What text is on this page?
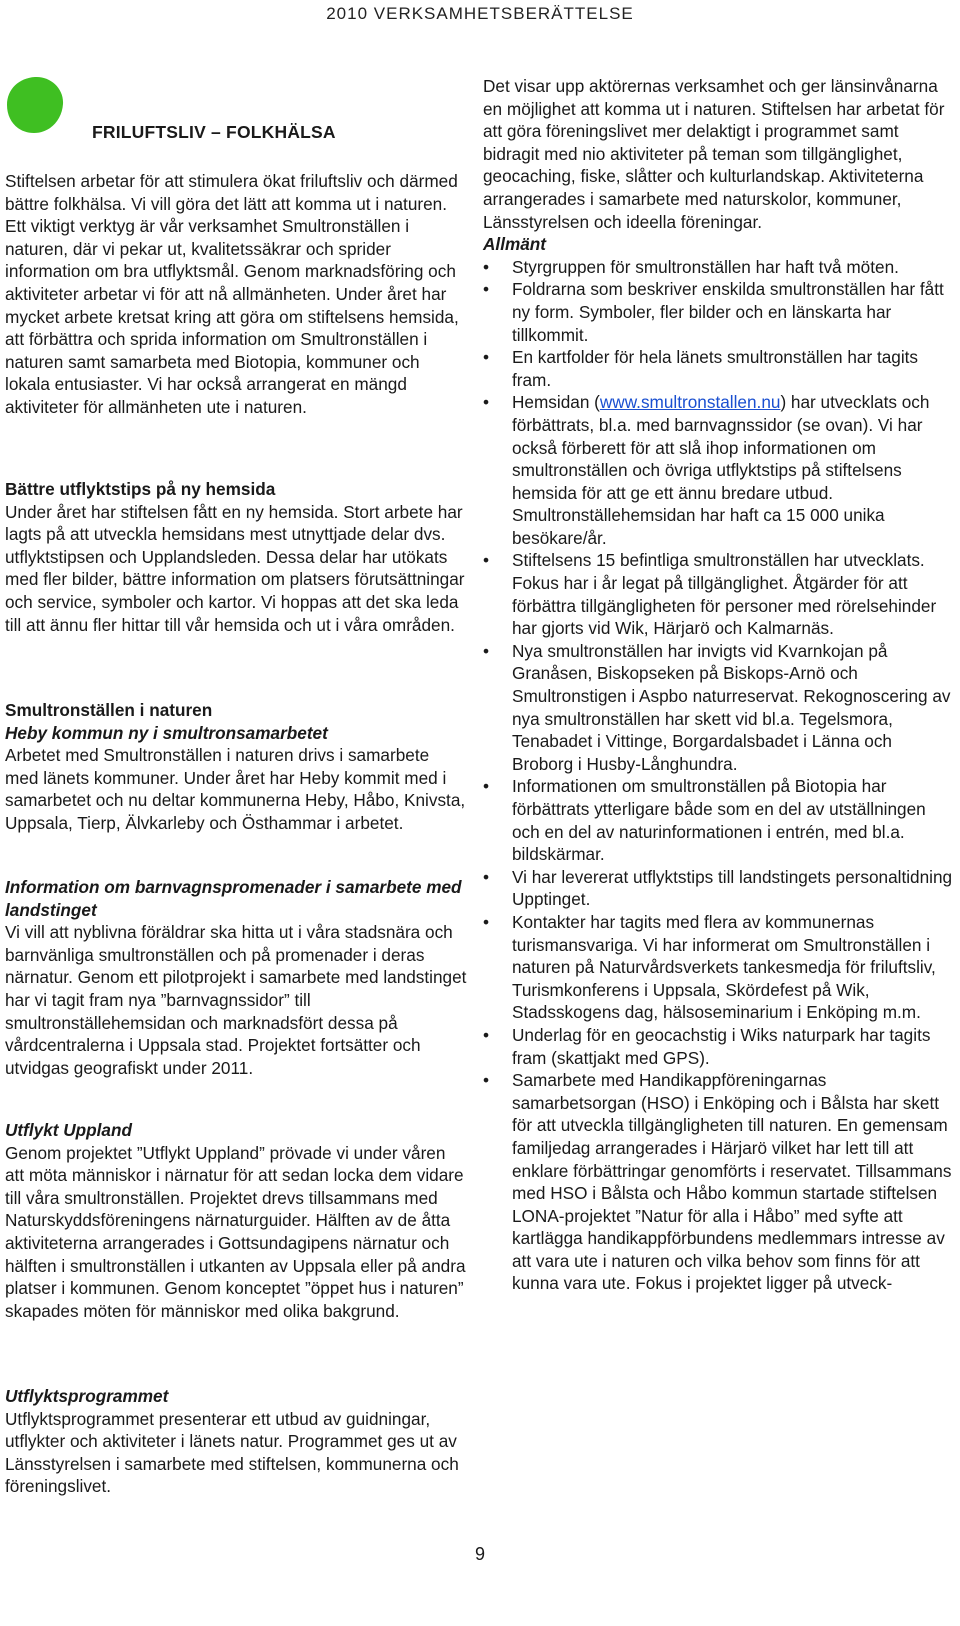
2010 VERKSAMHETSBERÄTTELSE
FRILUFTSLIV – FOLKHÄLSA

Stiftelsen arbetar för att stimulera ökat friluftsliv och därmed bättre folkhälsa. Vi vill göra det lätt att komma ut i naturen. Ett viktigt verktyg är vår verksamhet Smultronställen i naturen, där vi pekar ut, kvalitetssäkrar och sprider information om bra utflyktsmål. Genom marknadsföring och aktiviteter arbetar vi för att nå allmänheten. Under året har mycket arbete kretsat kring att göra om stiftelsens hemsida, att förbättra och sprida information om Smultronställen i naturen samt samarbeta med Biotopia, kommuner och lokala entusiaster. Vi har också arrangerat en mängd aktiviteter för allmänheten ute i naturen.

Bättre utflyktstips på ny hemsida

Under året har stiftelsen fått en ny hemsida. Stort arbete har lagts på att utveckla hemsidans mest utnyttjade delar dvs. utflyktstipsen och Upplandsleden. Dessa delar har utökats med fler bilder, bättre information om platsers förutsättningar och service, symboler och kartor. Vi hoppas att det ska leda till att ännu fler hittar till vår hemsida och ut i våra områden.

Smultronställen i naturen

Heby kommun ny i smultronsamarbetet

Arbetet med Smultronställen i naturen drivs i samarbete med länets kommuner. Under året har Heby kommit med i samarbetet och nu deltar kommunerna Heby, Håbo, Knivsta, Uppsala, Tierp, Älvkarleby och Östhammar i arbetet.

Information om barnvagnspromenader i samarbete med landstinget

Vi vill att nyblivna föräldrar ska hitta ut i våra stadsnära och barnvänliga smultronställen och på promenader i deras närnatur. Genom ett pilotprojekt i samarbete med landstinget har vi tagit fram nya ”barnvagnssidor” till smultronställehemsidan och marknadsfört dessa på vårdcentralerna i Uppsala stad. Projektet fortsätter och utvidgas geografiskt under 2011.

Utflykt Uppland

Genom projektet ”Utflykt Uppland” prövade vi under våren att möta människor i närnatur för att sedan locka dem vidare till våra smultronställen. Projektet drevs tillsammans med Naturskyddsföreningens närnaturguider. Hälften av de åtta aktiviteterna arrangerades i Gottsundagipens närnatur och hälften i smultronställen i utkanten av Uppsala eller på andra platser i kommunen. Genom konceptet ”öppet hus i naturen” skapades möten för människor med olika bakgrund.

Utflyktsprogrammet

Utflyktsprogrammet presenterar ett utbud av guidningar, utflykter och aktiviteter i länets natur. Programmet ges ut av Länsstyrelsen i samarbete med stiftelsen, kommunerna och föreningslivet.

Det visar upp aktörernas verksamhet och ger länsinvånarna en möjlighet att komma ut i naturen. Stiftelsen har arbetat för att göra föreningslivet mer delaktigt i programmet samt bidragit med nio aktiviteter på teman som tillgänglighet, geocaching, fiske, slåtter och kulturlandskap. Aktiviteterna arrangerades i samarbete med naturskolor, kommuner, Länsstyrelsen och ideella föreningar.

Allmänt

• Styrgruppen för smultronställen har haft två möten.
• Foldrarna som beskriver enskilda smultronställen har fått ny form. Symboler, fler bilder och en länskarta har tillkommit.
• En kartfolder för hela länets smultronställen har tagits fram.
• Hemsidan (www.smultronstallen.nu) har utvecklats och förbättrats, bl.a. med barnvagnssidor (se ovan). Vi har också förberett för att slå ihop informationen om smultronställen och övriga utflyktstips på stiftelsens hemsida för att ge ett ännu bredare utbud. Smultronställehemsidan har haft ca 15 000 unika besökare/år.
• Stiftelsens 15 befintliga smultronställen har utvecklats. Fokus har i år legat på tillgänglighet. Åtgärder för att förbättra tillgängligheten för personer med rörelsehinder har gjorts vid Wik, Härjarö och Kalmarnäs.
• Nya smultronställen har invigts vid Kvarnkojan på Granåsen, Biskopseken på Biskops-Arnö och Smultronstigen i Aspbo naturreservat. Rekognoscering av nya smultronställen har skett vid bl.a. Tegelsmora, Tenabadet i Vittinge, Borgardalsbadet i Länna och Broborg i Husby-Långhundra.
• Informationen om smultronställen på Biotopia har förbättrats ytterligare både som en del av utställningen och en del av naturinformationen i entrén, med bl.a. bildskärmar.
• Vi har levererat utflyktstips till landstingets personaltidning Upptinget.
• Kontakter har tagits med flera av kommunernas turismansvariga. Vi har informerat om Smultronställen i naturen på Naturvårdsverkets tankesmedja för friluftsliv, Turismkonferens i Uppsala, Skördefest på Wik, Stadsskogens dag, hälsoseminarium i Enköping m.m.
• Underlag för en geocachstig i Wiks naturpark har tagits fram (skattjakt med GPS).
• Samarbete med Handikappföreningarnas samarbetsorgan (HSO) i Enköping och i Bålsta har skett för att utveckla tillgängligheten till naturen. En gemensam familjedag arrangerades i Härjarö vilket har lett till att enklare förbättringar genomförts i reservatet. Tillsammans med HSO i Bålsta och Håbo kommun startade stiftelsen LONA-projektet ”Natur för alla i Håbo” med syfte att kartlägga handikappförbundens medlemmars intresse av att vara ute i naturen och vilka behov som finns för att kunna vara ute. Fokus i projektet ligger på utveck-
9
